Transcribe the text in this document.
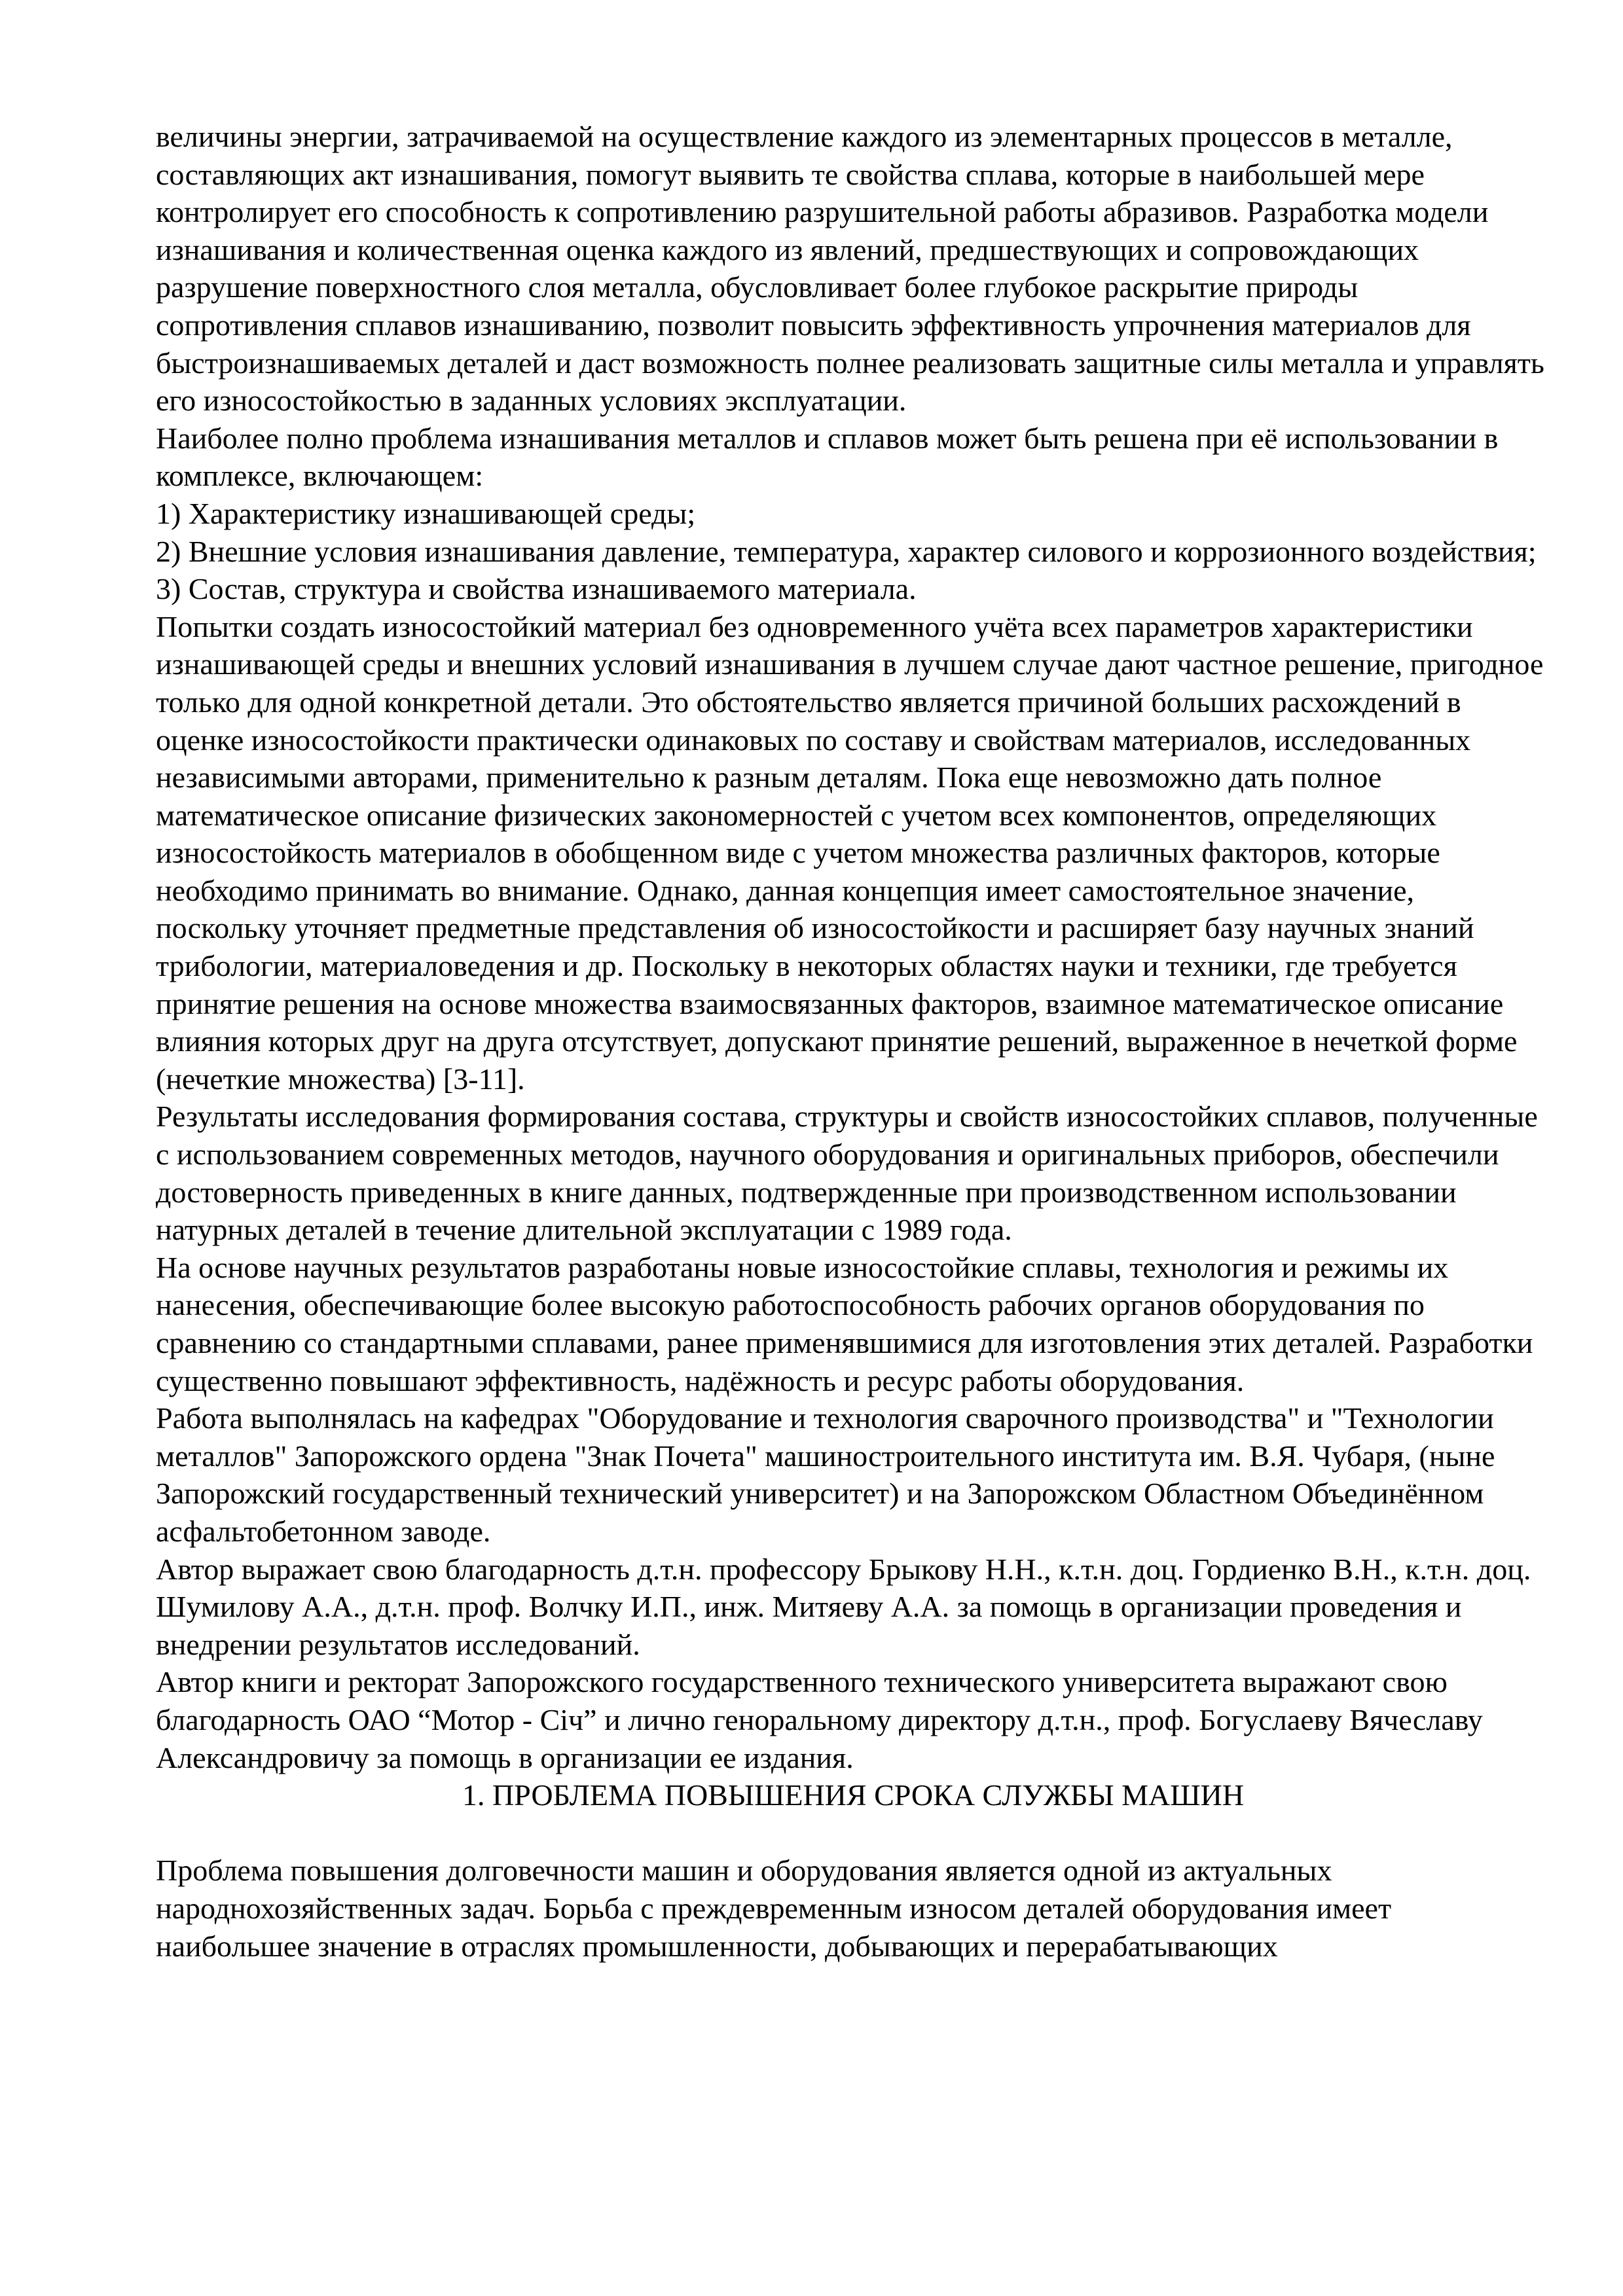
величины энергии, затрачиваемой на осуществление каждого из элементарных процессов в металле, составляющих акт изнашивания, помогут выявить те свойства сплава, которые в наибольшей мере контролирует его способность к сопротивлению разрушительной работы абразивов. Разработка модели изнашивания и количественная оценка каждого из явлений, предшествующих и сопровождающих разрушение поверхностного слоя металла, обусловливает более глубокое раскрытие природы сопротивления сплавов изнашиванию, позволит повысить эффективность упрочнения материалов для быстроизнашиваемых деталей и даст возможность полнее реализовать защитные силы металла и управлять его износостойкостью в заданных условиях эксплуатации.

Наиболее полно проблема изнашивания металлов и сплавов может быть решена при её использовании в комплексе, включающем:

1) Характеристику изнашивающей среды;

2) Внешние условия изнашивания давление, температура, характер силового и коррозионного воздействия;

3) Состав, структура и свойства изнашиваемого материала.

Попытки создать износостойкий материал без одновременного учёта всех параметров характеристики изнашивающей среды и внешних условий изнашивания в лучшем случае дают частное решение, пригодное только для одной конкретной детали. Это обстоятельство является причиной больших расхождений в оценке износостойкости практически одинаковых по составу и свойствам материалов, исследованных независимыми авторами, применительно к разным деталям. Пока еще невозможно дать полное математическое описание физических закономерностей с учетом всех компонентов, определяющих износостойкость материалов в обобщенном виде с учетом множества различных факторов, которые необходимо принимать во внимание. Однако, данная концепция имеет самостоятельное значение, поскольку уточняет предметные представления об износостойкости и расширяет базу научных знаний трибологии, материаловедения и др. Поскольку в некоторых областях науки и техники, где требуется принятие решения на основе множества взаимосвязанных факторов, взаимное математическое описание влияния которых друг на друга отсутствует, допускают принятие решений, выраженное в нечеткой форме (нечеткие множества) [3-11].

Результаты исследования формирования состава, структуры и свойств износостойких сплавов, полученные с использованием современных методов, научного оборудования и оригинальных приборов, обеспечили достоверность приведенных в книге данных, подтвержденные при производственном использовании натурных деталей в течение длительной эксплуатации с 1989 года.

На основе научных результатов разработаны новые износостойкие сплавы, технология и режимы их нанесения, обеспечивающие более высокую работоспособность рабочих органов оборудования по сравнению со стандартными сплавами, ранее применявшимися для изготовления этих деталей. Разработки существенно повышают эффективность, надёжность и ресурс работы оборудования.

Работа выполнялась на кафедрах "Оборудование и технология сварочного производства" и "Технологии металлов" Запорожского ордена "Знак Почета" машиностроительного института им. В.Я. Чубаря, (ныне Запорожский государственный технический университет) и на Запорожском Областном Объединённом асфальтобетонном заводе.

Автор выражает свою благодарность д.т.н. профессору Брыкову Н.Н., к.т.н. доц. Гордиенко В.Н., к.т.н. доц. Шумилову А.А., д.т.н. проф. Волчку И.П., инж. Митяеву А.А. за помощь в организации проведения и внедрении результатов исследований.

Автор книги и ректорат Запорожского государственного технического университета выражают свою благодарность ОАО “Мотор - Січ” и лично генорaльному директору д.т.н., проф. Богуслаеву Вячеславу Александровичу за помощь в организации ее издания.

1. ПРОБЛЕМА ПОВЫШЕНИЯ СРОКА СЛУЖБЫ МАШИН

Проблема повышения долговечности машин и оборудования является одной из актуальных народнохозяйственных задач. Борьба с преждевременным износом деталей оборудования имеет наибольшее значение в отраслях промышленности, добывающих и перерабатывающих
